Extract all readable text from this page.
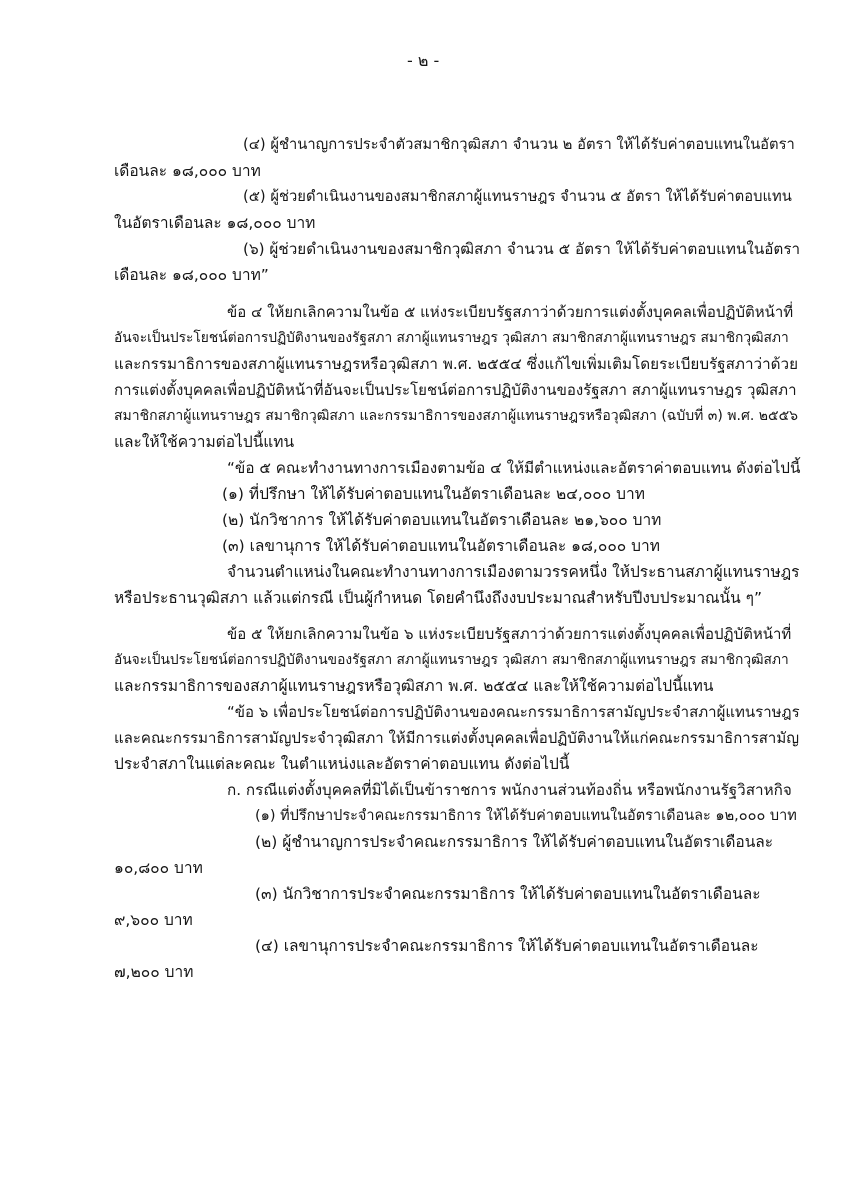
- ๒ -
(๔) ผู้ชำนาญการประจำตัวสมาชิกวุฒิสภา จำนวน ๒ อัตรา ให้ได้รับค่าตอบแทนในอัตรา
เดือนละ ๑๘,๐๐๐ บาท
(๕) ผู้ช่วยดำเนินงานของสมาชิกสภาผู้แทนราษฎร จำนวน ๕ อัตรา ให้ได้รับค่าตอบแทน
ในอัตราเดือนละ ๑๘,๐๐๐ บาท
(๖) ผู้ช่วยดำเนินงานของสมาชิกวุฒิสภา จำนวน ๕ อัตรา ให้ได้รับค่าตอบแทนในอัตรา
เดือนละ ๑๘,๐๐๐ บาท”
ข้อ ๔ ให้ยกเลิกความในข้อ ๕ แห่งระเบียบรัฐสภาว่าด้วยการแต่งตั้งบุคคลเพื่อปฏิบัติหน้าที่
อันจะเป็นประโยชน์ต่อการปฏิบัติงานของรัฐสภา สภาผู้แทนราษฎร วุฒิสภา สมาชิกสภาผู้แทนราษฎร สมาชิกวุฒิสภา
และกรรมาธิการของสภาผู้แทนราษฎรหรือวุฒิสภา พ.ศ. ๒๕๕๔ ซึ่งแก้ไขเพิ่มเติมโดยระเบียบรัฐสภาว่าด้วย
การแต่งตั้งบุคคลเพื่อปฏิบัติหน้าที่อันจะเป็นประโยชน์ต่อการปฏิบัติงานของรัฐสภา สภาผู้แทนราษฎร วุฒิสภา
สมาชิกสภาผู้แทนราษฎร สมาชิกวุฒิสภา และกรรมาธิการของสภาผู้แทนราษฎรหรือวุฒิสภา (ฉบับที่ ๓) พ.ศ. ๒๕๕๖
และให้ใช้ความต่อไปนี้แทน
“ข้อ ๕ คณะทำงานทางการเมืองตามข้อ ๔ ให้มีตำแหน่งและอัตราค่าตอบแทน ดังต่อไปนี้
(๑) ที่ปรึกษา ให้ได้รับค่าตอบแทนในอัตราเดือนละ ๒๔,๐๐๐ บาท
(๒) นักวิชาการ ให้ได้รับค่าตอบแทนในอัตราเดือนละ ๒๑,๖๐๐ บาท
(๓) เลขานุการ ให้ได้รับค่าตอบแทนในอัตราเดือนละ ๑๘,๐๐๐ บาท
จำนวนตำแหน่งในคณะทำงานทางการเมืองตามวรรคหนึ่ง ให้ประธานสภาผู้แทนราษฎร
หรือประธานวุฒิสภา แล้วแต่กรณี เป็นผู้กำหนด โดยคำนึงถึงงบประมาณสำหรับปีงบประมาณนั้น ๆ”
ข้อ ๕ ให้ยกเลิกความในข้อ ๖ แห่งระเบียบรัฐสภาว่าด้วยการแต่งตั้งบุคคลเพื่อปฏิบัติหน้าที่
อันจะเป็นประโยชน์ต่อการปฏิบัติงานของรัฐสภา สภาผู้แทนราษฎร วุฒิสภา สมาชิกสภาผู้แทนราษฎร สมาชิกวุฒิสภา
และกรรมาธิการของสภาผู้แทนราษฎรหรือวุฒิสภา พ.ศ. ๒๕๕๔ และให้ใช้ความต่อไปนี้แทน
“ข้อ ๖ เพื่อประโยชน์ต่อการปฏิบัติงานของคณะกรรมาธิการสามัญประจำสภาผู้แทนราษฎร
และคณะกรรมาธิการสามัญประจำวุฒิสภา ให้มีการแต่งตั้งบุคคลเพื่อปฏิบัติงานให้แก่คณะกรรมาธิการสามัญ
ประจำสภาในแต่ละคณะ ในตำแหน่งและอัตราค่าตอบแทน ดังต่อไปนี้
ก. กรณีแต่งตั้งบุคคลที่มิได้เป็นข้าราชการ พนักงานส่วนท้องถิ่น หรือพนักงานรัฐวิสาหกิจ
(๑) ที่ปรึกษาประจำคณะกรรมาธิการ ให้ได้รับค่าตอบแทนในอัตราเดือนละ ๑๒,๐๐๐ บาท
(๒) ผู้ชำนาญการประจำคณะกรรมาธิการ ให้ได้รับค่าตอบแทนในอัตราเดือนละ
๑๐,๘๐๐ บาท
(๓) นักวิชาการประจำคณะกรรมาธิการ ให้ได้รับค่าตอบแทนในอัตราเดือนละ
๙,๖๐๐ บาท
(๔) เลขานุการประจำคณะกรรมาธิการ ให้ได้รับค่าตอบแทนในอัตราเดือนละ
๗,๒๐๐ บาท
